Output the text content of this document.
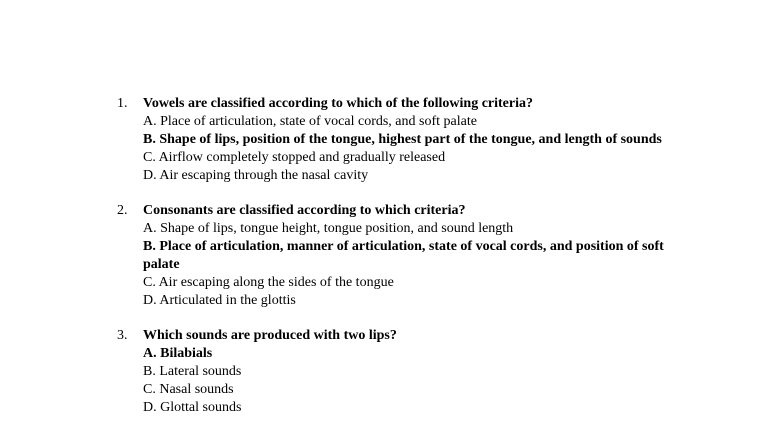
1. Vowels are classified according to which of the following criteria?

A. Place of articulation, state of vocal cords, and soft palate
B. Shape of lips, position of the tongue, highest part of the tongue, and length of sounds
C. Airflow completely stopped and gradually released
D. Air escaping through the nasal cavity
2. Consonants are classified according to which criteria?

A. Shape of lips, tongue height, tongue position, and sound length
B. Place of articulation, manner of articulation, state of vocal cords, and position of soft palate
C. Air escaping along the sides of the tongue
D. Articulated in the glottis
3. Which sounds are produced with two lips?

A. Bilabials
B. Lateral sounds
C. Nasal sounds
D. Glottal sounds
